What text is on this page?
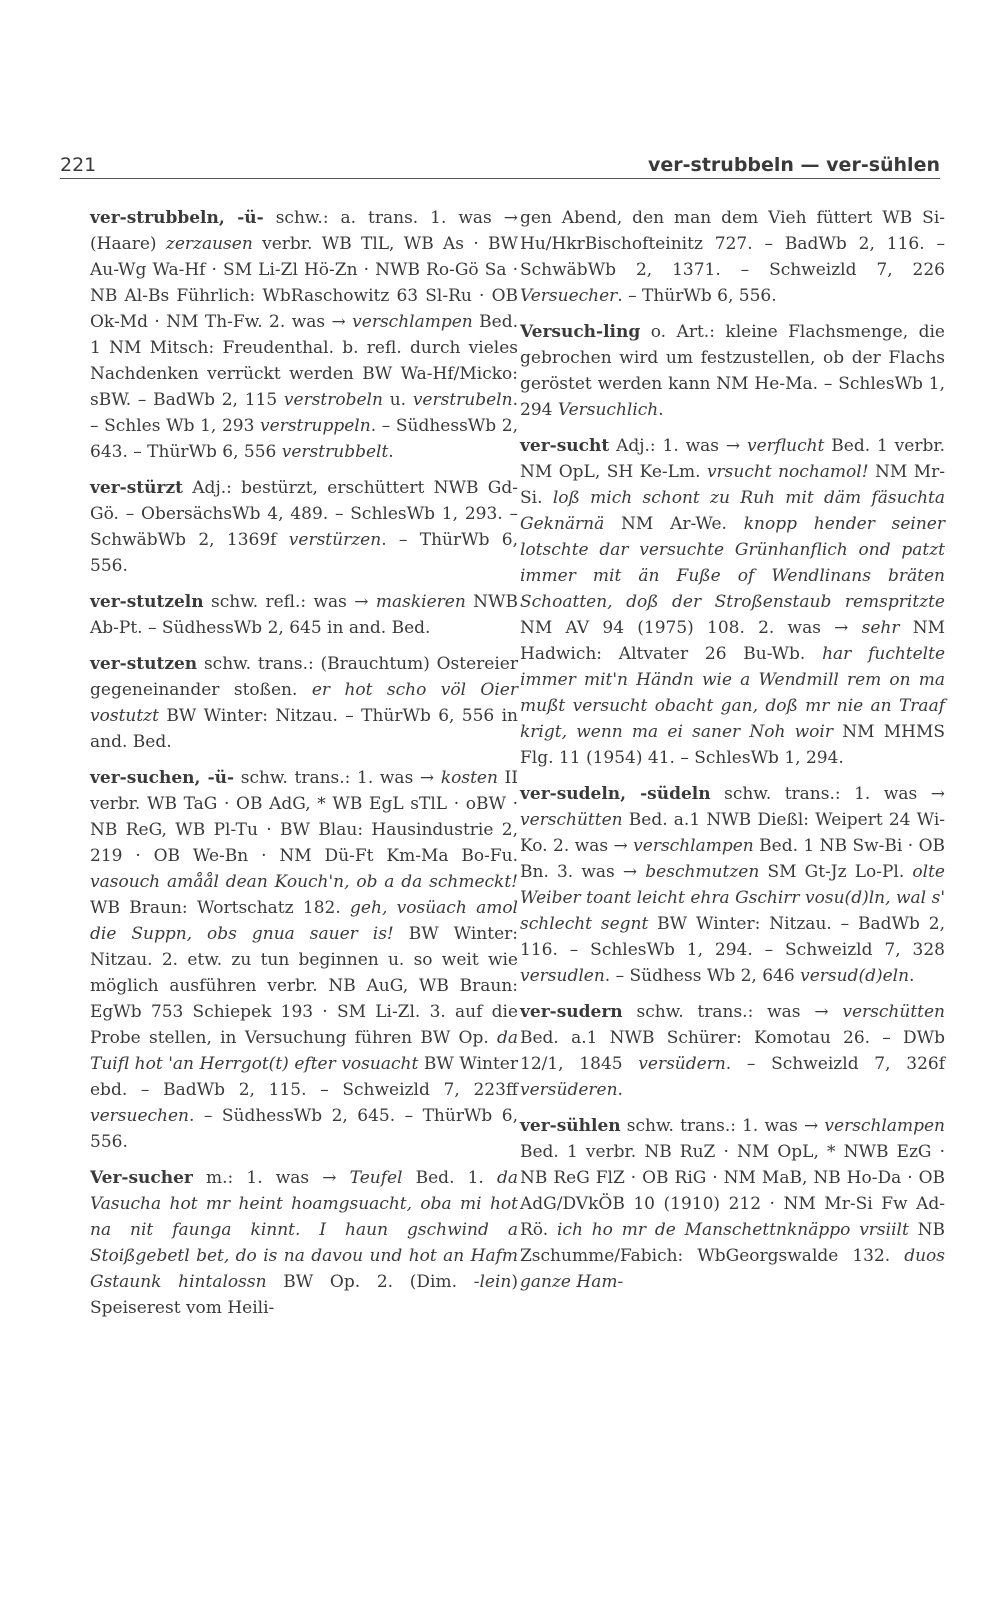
221	ver-strubbeln — ver-sühlen

ver-strubbeln, -ü- schw.: a. trans. 1. was → (Haare) zerzausen verbr. WB TlL, WB As · BW Au-Wg Wa-Hf · SM Li-Zl Hö-Zn · NWB Ro-Gö Sa · NB Al-Bs Führlich: WbRaschowitz 63 Sl-Ru · OB Ok-Md · NM Th-Fw. 2. was → verschlampen Bed. 1 NM Mitsch: Freudenthal. b. refl. durch vieles Nachdenken verrückt werden BW Wa-Hf/Micko: sBW. – BadWb 2, 115 verstrobeln u. verstrubeln. – Schles Wb 1, 293 verstruppeln. – SüdhessWb 2, 643. – ThürWb 6, 556 verstrubbelt.

ver-stürzt Adj.: bestürzt, erschüttert NWB Gd-Gö. – ObersächsWb 4, 489. – SchlesWb 1, 293. – SchwäbWb 2, 1369f verstürzen. – ThürWb 6, 556.

ver-stutzeln schw. refl.: was → maskieren NWB Ab-Pt. – SüdhessWb 2, 645 in and. Bed.

ver-stutzen schw. trans.: (Brauchtum) Ostereier gegeneinander stoßen. er hot scho völ Oier vostutzt BW Winter: Nitzau. – ThürWb 6, 556 in and. Bed.

ver-suchen, -ü- schw. trans.: 1. was → kosten II verbr. WB TaG · OB AdG, * WB EgL sTlL · oBW · NB ReG, WB Pl-Tu · BW Blau: Hausindustrie 2, 219 · OB We-Bn · NM Dü-Ft Km-Ma Bo-Fu. vasouch amåål dean Kouch'n, ob a da schmeckt! WB Braun: Wortschatz 182. geh, vosüach amol die Suppn, obs gnua sauer is! BW Winter: Nitzau. 2. etw. zu tun beginnen u. so weit wie möglich ausführen verbr. NB AuG, WB Braun: EgWb 753 Schiepek 193 · SM Li-Zl. 3. auf die Probe stellen, in Versuchung führen BW Op. da Tuifl hot 'an Herrgot(t) efter vosuacht BW Winter ebd. – BadWb 2, 115. – Schweizld 7, 223ff versuechen. – SüdhessWb 2, 645. – ThürWb 6, 556.

Ver-sucher m.: 1. was → Teufel Bed. 1. da Vasucha hot mr heint hoamgsuacht, oba mi hot na nit faunga kinnt. I haun gschwind a Stoißgebetl bet, do is na davou und hot an Hafm Gstaunk hintalossn BW Op. 2. (Dim. -lein) Speiserest vom Heili-

gen Abend, den man dem Vieh füttert WB Si-Hu/HkrBischofteinitz 727. – BadWb 2, 116. – SchwäbWb 2, 1371. – Schweizld 7, 226 Versuecher. – ThürWb 6, 556.

Versuch-ling o. Art.: kleine Flachsmenge, die gebrochen wird um festzustellen, ob der Flachs geröstet werden kann NM He-Ma. – SchlesWb 1, 294 Versuchlich.

ver-sucht Adj.: 1. was → verflucht Bed. 1 verbr. NM OpL, SH Ke-Lm. vrsucht nochamol! NM Mr-Si. loß mich schont zu Ruh mit däm fäsuchta Geknärnä NM Ar-We. knopp hender seiner lotschte dar versuchte Grünhanflich ond patzt immer mit än Fuße of Wendlinans bräten Schoatten, doß der Stroßenstaub remspritzte NM AV 94 (1975) 108. 2. was → sehr NM Hadwich: Altvater 26 Bu-Wb. har fuchtelte immer mit'n Händn wie a Wendmill rem on ma mußt versucht obacht gan, doß mr nie an Traaf krigt, wenn ma ei saner Noh woir NM MHMS Flg. 11 (1954) 41. – SchlesWb 1, 294.

ver-sudeln, -südeln schw. trans.: 1. was → verschütten Bed. a.1 NWB Dießl: Weipert 24 Wi-Ko. 2. was → verschlampen Bed. 1 NB Sw-Bi · OB Bn. 3. was → beschmutzen SM Gt-Jz Lo-Pl. olte Weiber toant leicht ehra Gschirr vosu(d)ln, wal s' schlecht segnt BW Winter: Nitzau. – BadWb 2, 116. – SchlesWb 1, 294. – Schweizld 7, 328 versudlen. – Südhess Wb 2, 646 versud(d)eln.

ver-sudern schw. trans.: was → verschütten Bed. a.1 NWB Schürer: Komotau 26. – DWb 12/1, 1845 versüdern. – Schweizld 7, 326f versüderen.

ver-sühlen schw. trans.: 1. was → verschlampen Bed. 1 verbr. NB RuZ · NM OpL, * NWB EzG · NB ReG FlZ · OB RiG · NM MaB, NB Ho-Da · OB AdG/DVkÖB 10 (1910) 212 · NM Mr-Si Fw Ad-Rö. ich ho mr de Manschettnknäppo vrsiilt NB Zschumme/Fabich: WbGeorgswalde 132. duos ganze Ham-
